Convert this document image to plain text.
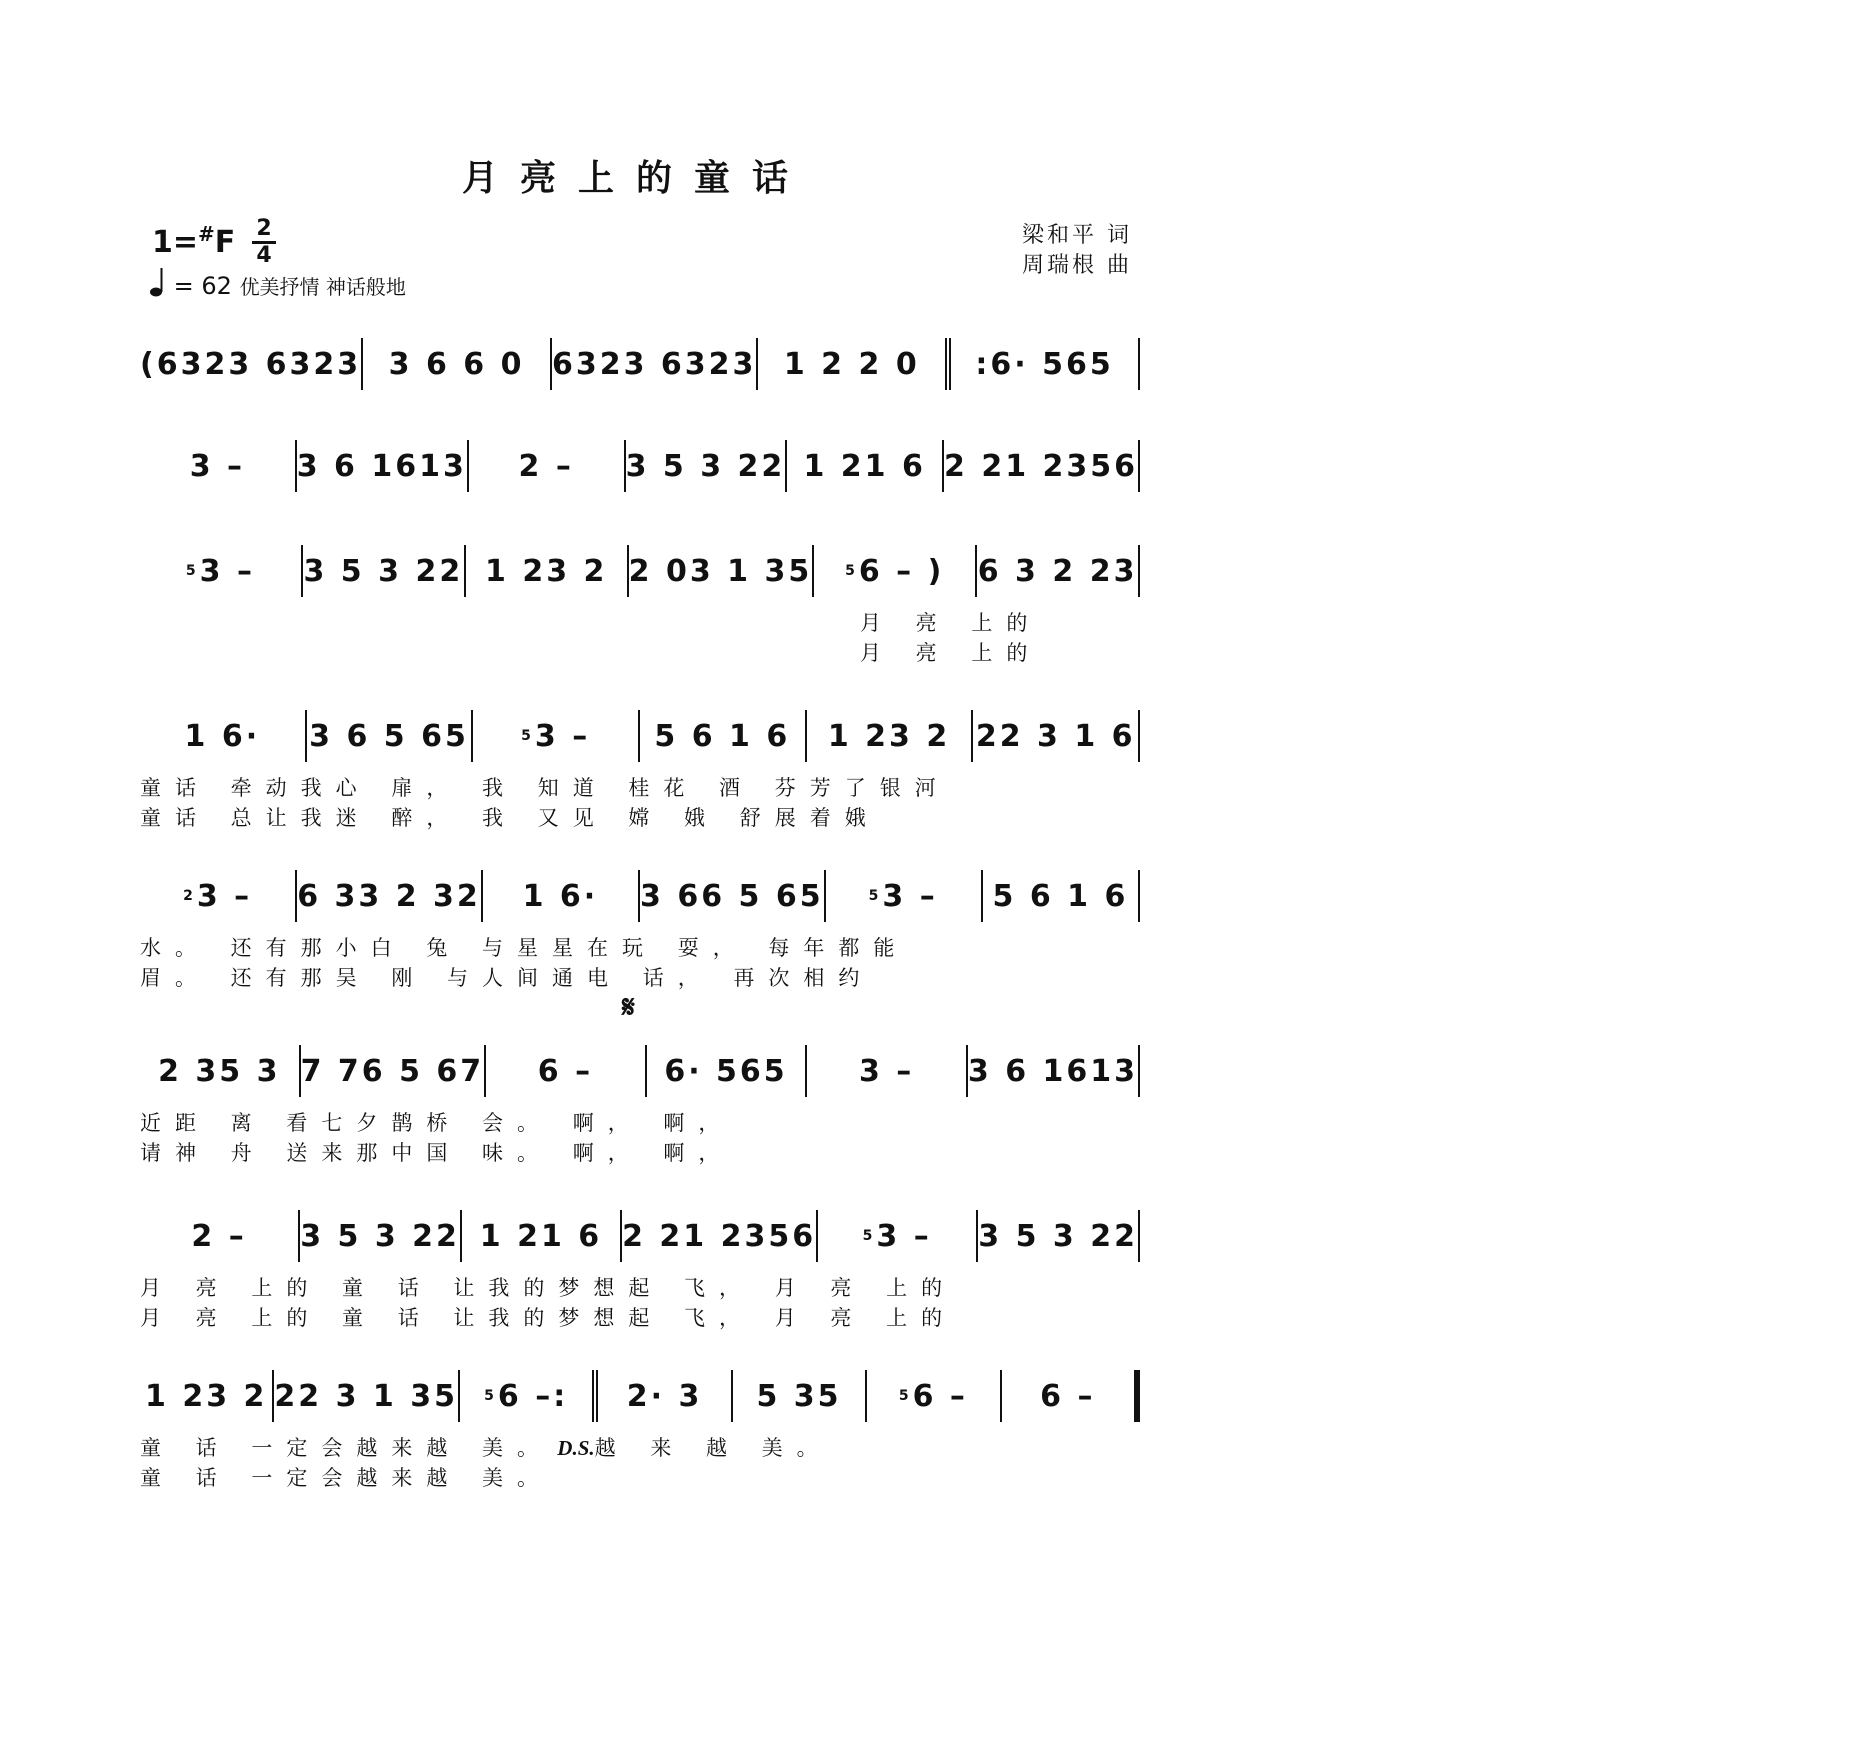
月亮上的童话
梁和平 词
周瑞根 曲
1=#F 2
4
= 62 优美抒情 神话般地
𝄋
(6323 6323 3 6 6 0 6323 6323 1 2 2 0 :6· 565
3 – 3 6 1613 2 – 3 5 3 22 1 21 6 2 21 2356
5 3 – 3 5 3 22 1 23 2 2 03 1 35 5 6 – ) 6 3 2 23
月 亮 上的
月 亮 上的
1 6· 3 6 5 65	5 3 – 5 6 1 6 1 23 2 22 3 1 6
童话 牵动我心 扉， 我 知道 桂花 酒 芬芳了银河
童话 总让我迷 醉， 我 又见 嫦 娥 舒展着娥
2 3 – 6 33 2 32 1 6· 3 66 5 65	5 3 – 5 6 1 6
水。 还有那小白 兔 与星星在玩 耍， 每年都能
眉。 还有那吴 刚 与人间通电 话， 再次相约
2 35 3 7 76 5 67 6 – 6· 565 3 – 3 6 1613
近距 离 看七夕鹊桥 会。 啊， 啊，
请神 舟 送来那中国 味。 啊， 啊，
2 – 3 5 3 22 1 21 6 2 21 2356	5 3 – 3 5 3 22
月 亮 上的 童 话 让我的梦想起 飞， 月 亮 上的
月 亮 上的 童 话 让我的梦想起 飞， 月 亮 上的
1 23 2 22 3 1 35 5 6 –: 2· 3 5 35	5 6 – 6 –
童 话 一定会越来越 美。 D.S.越 来 越 美。
童 话 一定会越来越 美。
